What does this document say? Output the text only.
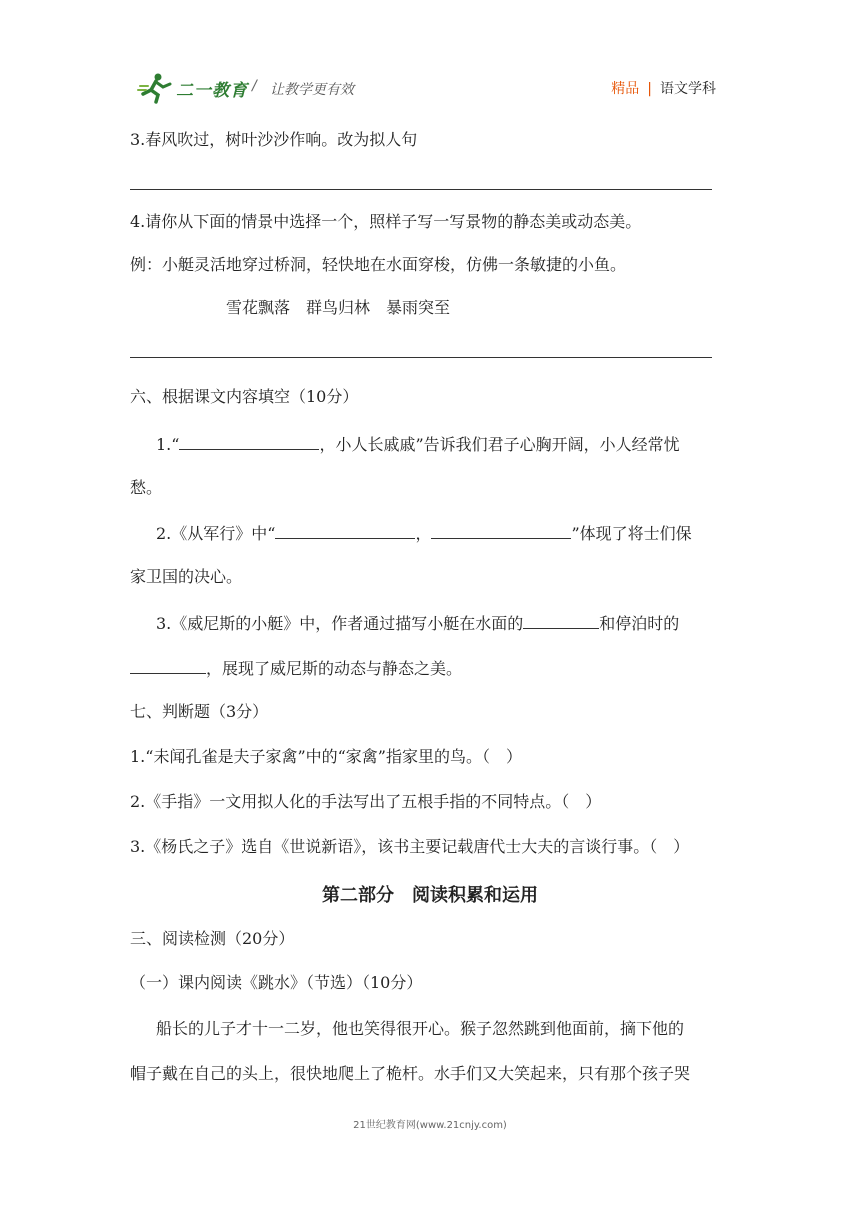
二一教育 / 让教学更有效	精品 | 语文学科
3.春风吹过，树叶沙沙作响。改为拟人句
4.请你从下面的情景中选择一个，照样子写一写景物的静态美或动态美。
例：小艇灵活地穿过桥洞，轻快地在水面穿梭，仿佛一条敏捷的小鱼。
雪花飘落　群鸟归林　暴雨突至
六、根据课文内容填空（10分）
1.“	，小人长戚戚”告诉我们君子心胸开阔，小人经常忧
愁。
2.《从军行》中“	，	”体现了将士们保
家卫国的决心。
3.《威尼斯的小艇》中，作者通过描写小艇在水面的	和停泊时的
，展现了威尼斯的动态与静态之美。
七、判断题（3分）
1.“未闻孔雀是夫子家禽”中的“家禽”指家里的鸟。（　）
2.《手指》一文用拟人化的手法写出了五根手指的不同特点。（　）
3.《杨氏之子》选自《世说新语》，该书主要记载唐代士大夫的言谈行事。（　）
第二部分　阅读积累和运用
三、阅读检测（20分）
（一）课内阅读《跳水》（节选）（10分）
船长的儿子才十一二岁，他也笑得很开心。猴子忽然跳到他面前，摘下他的
帽子戴在自己的头上，很快地爬上了桅杆。水手们又大笑起来，只有那个孩子哭
21世纪教育网(www.21cnjy.com)
